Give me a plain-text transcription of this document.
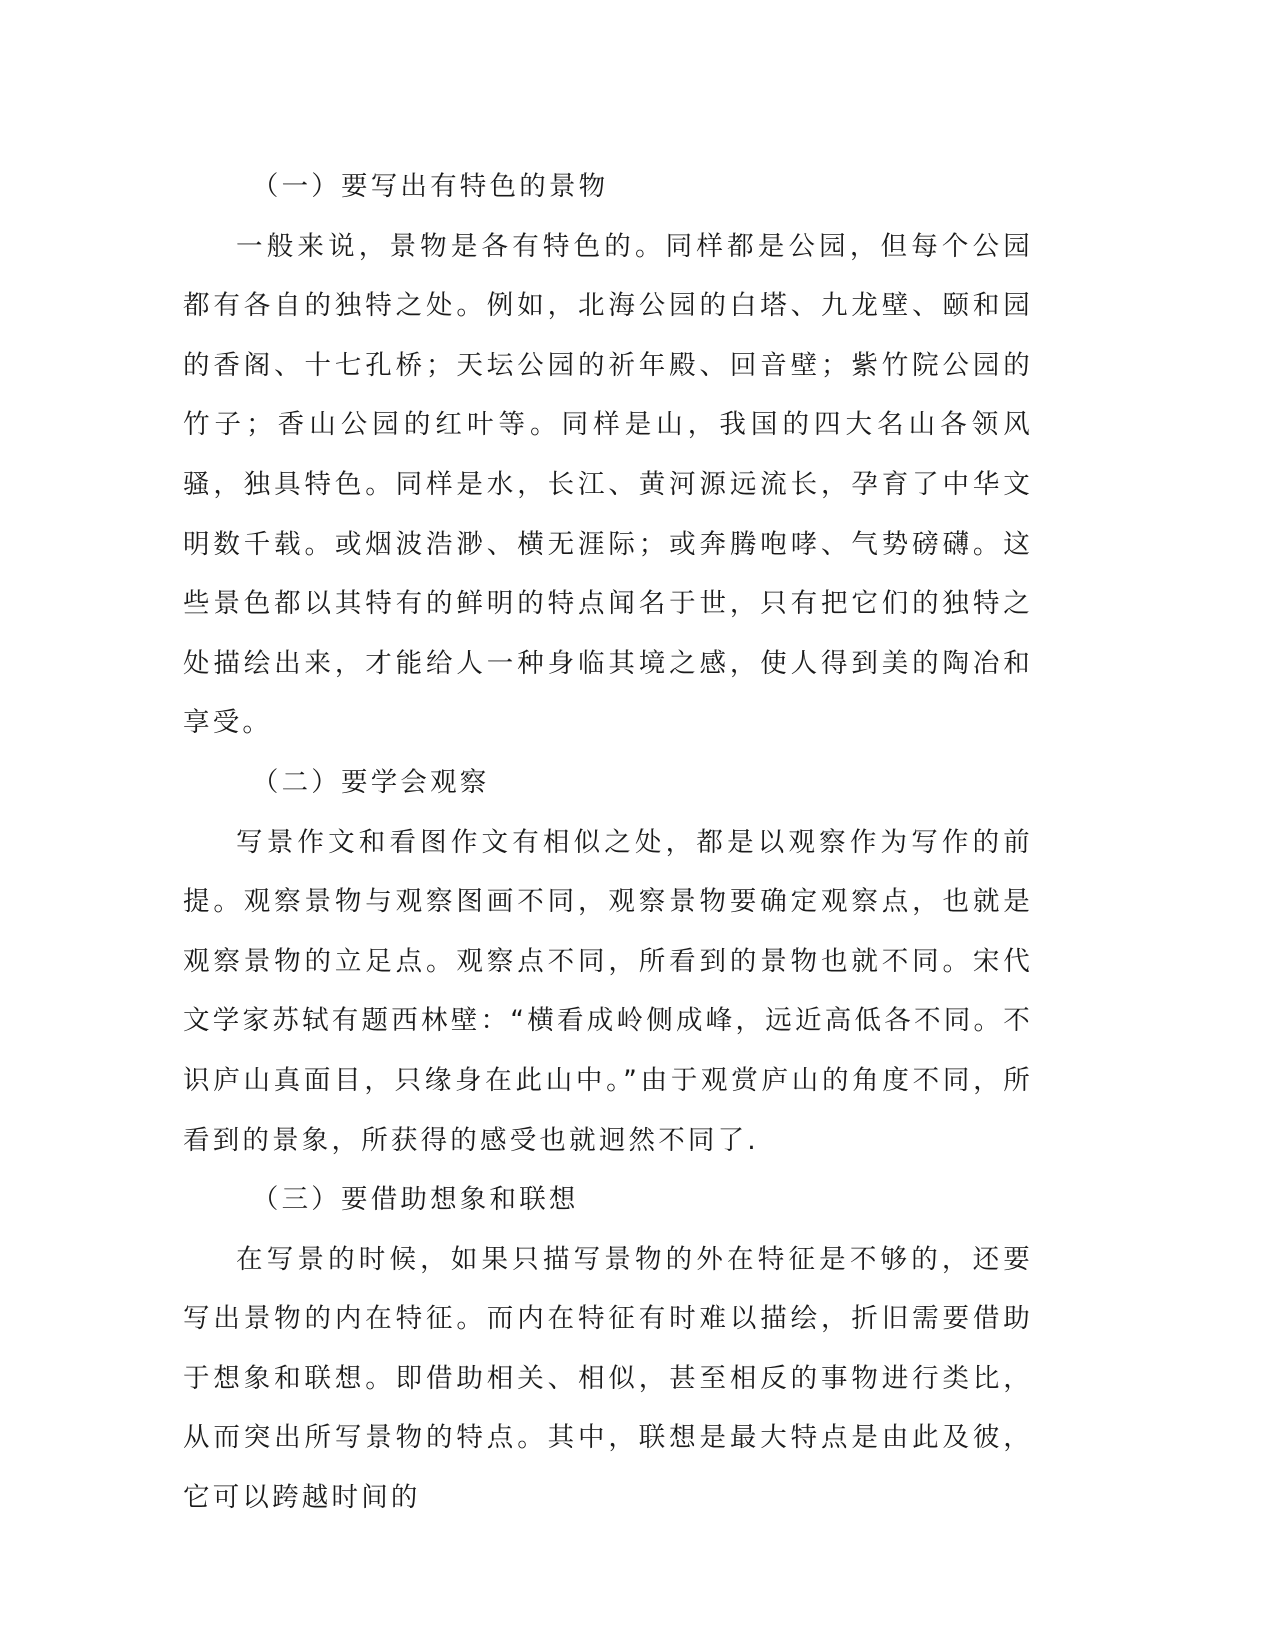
（一）要写出有特色的景物

一般来说，景物是各有特色的。同样都是公园，但每个公园都有各自的独特之处。例如，北海公园的白塔、九龙壁、颐和园的香阁、十七孔桥；天坛公园的祈年殿、回音壁；紫竹院公园的竹子；香山公园的红叶等。同样是山，我国的四大名山各领风骚，独具特色。同样是水，长江、黄河源远流长，孕育了中华文明数千载。或烟波浩渺、横无涯际；或奔腾咆哮、气势磅礴。这些景色都以其特有的鲜明的特点闻名于世，只有把它们的独特之处描绘出来，才能给人一种身临其境之感，使人得到美的陶冶和享受。

（二）要学会观察

写景作文和看图作文有相似之处，都是以观察作为写作的前提。观察景物与观察图画不同，观察景物要确定观察点，也就是观察景物的立足点。观察点不同，所看到的景物也就不同。宋代文学家苏轼有题西林壁：“横看成岭侧成峰，远近高低各不同。不识庐山真面目，只缘身在此山中。”由于观赏庐山的角度不同，所看到的景象，所获得的感受也就迥然不同了.

（三）要借助想象和联想

在写景的时候，如果只描写景物的外在特征是不够的，还要写出景物的内在特征。而内在特征有时难以描绘，折旧需要借助于想象和联想。即借助相关、相似，甚至相反的事物进行类比，从而突出所写景物的特点。其中，联想是最大特点是由此及彼，它可以跨越时间的
